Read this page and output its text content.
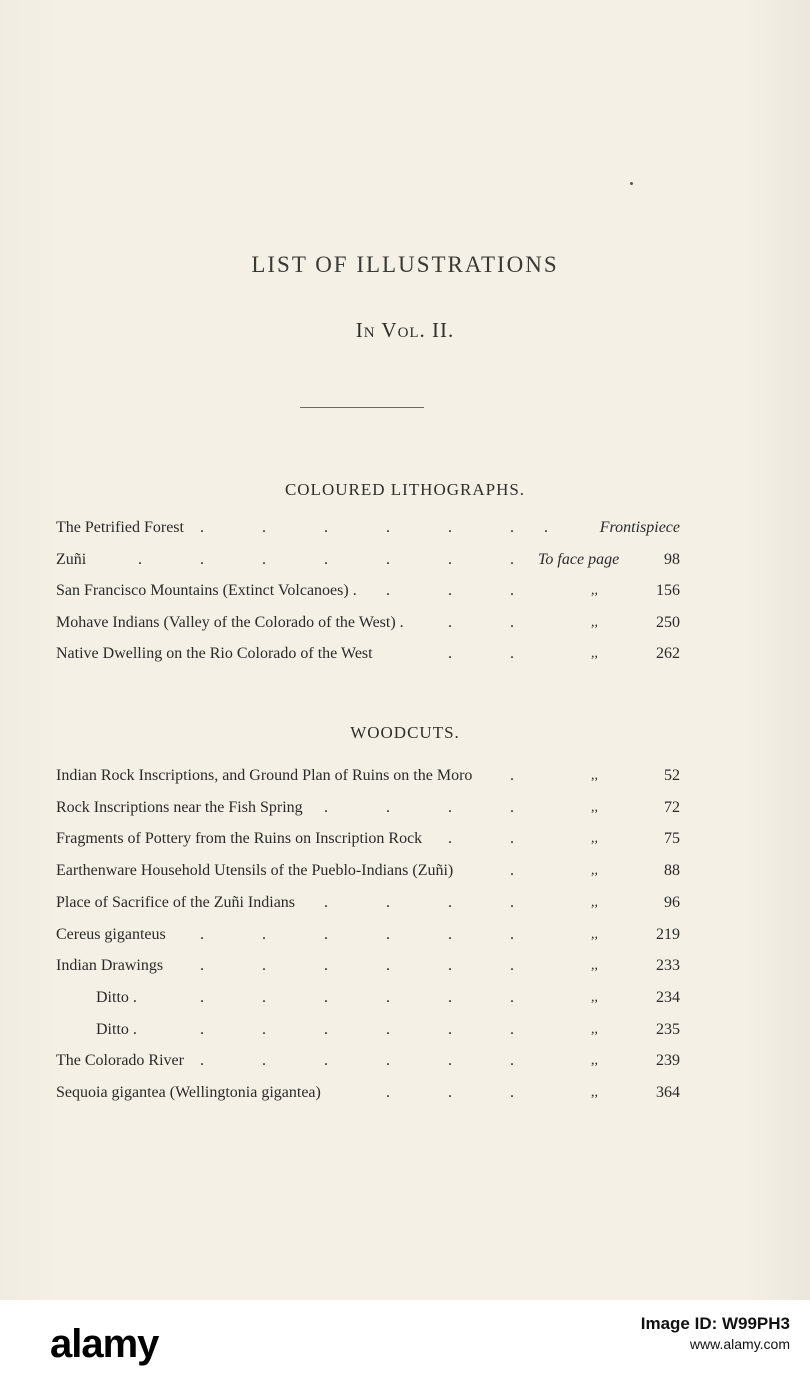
LIST OF ILLUSTRATIONS
In Vol. II.
COLOURED LITHOGRAPHS.
The Petrified Forest	Frontispiece
.	.	.	.	.	. .
Zuñi	To face page	98
.	.	.	.	.	.	.
San Francisco Mountains (Extinct Volcanoes) .	,,	156
.	.	.
Mohave Indians (Valley of the Colorado of the West) .	,,	250
.	.
Native Dwelling on the Rio Colorado of the West	,,	262
.	.
WOODCUTS.
Indian Rock Inscriptions, and Ground Plan of Ruins on the Moro	,,	52
.
Rock Inscriptions near the Fish Spring	,,	72
.	.	.	.
Fragments of Pottery from the Ruins on Inscription Rock	,,	75
.	.
Earthenware Household Utensils of the Pueblo-Indians (Zuñi)	,,	88
.
Place of Sacrifice of the Zuñi Indians	,,	96
.	.	.	.
Cereus giganteus	,,	219
.	.	.	.	.	.
Indian Drawings	,,	233
.	.	.	.	.	.
Ditto .	,,	234
.	.	.	.	.	.
Ditto .	,,	235
.	.	.	.	.	.
The Colorado River	,,	239
.	.	.	.	.	.
Sequoia gigantea (Wellingtonia gigantea)	,,	364
.	.	.
alamy	Image ID: W99PH3
www.alamy.com
